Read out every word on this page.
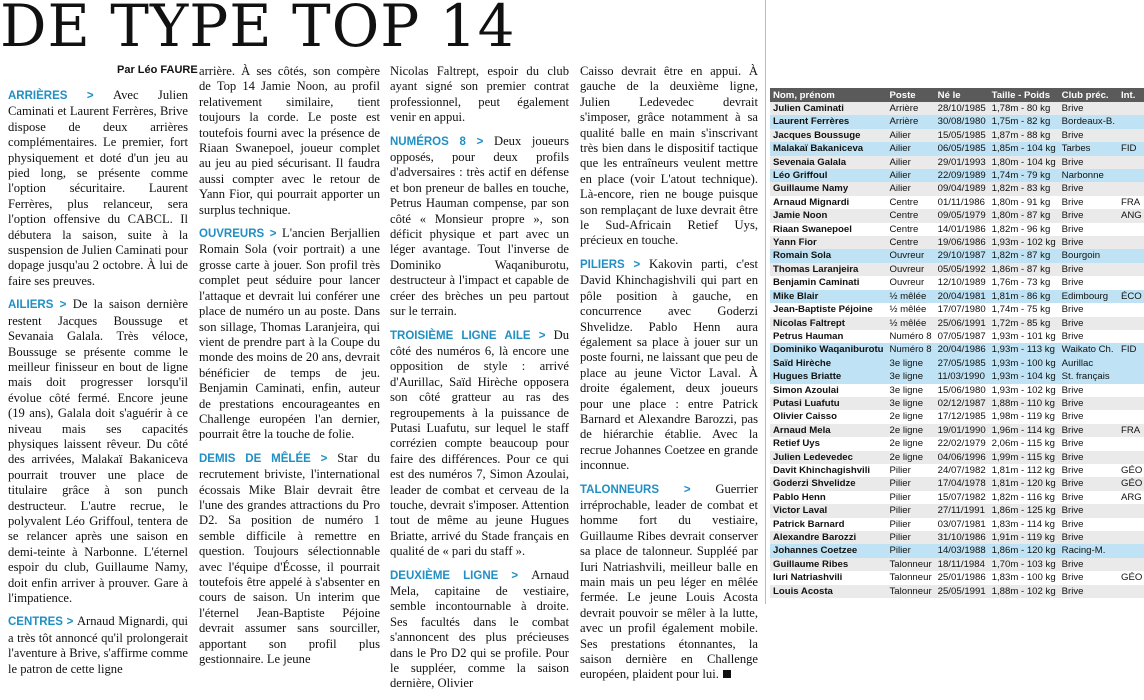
DE TYPE TOP 14
Par Léo FAURE

ARRIÈRES >	Avec Julien Caminati et Laurent Ferrères, Brive dispose de deux arrières complémentaires. Le premier, fort physiquement et doté d'un jeu au pied long, se présente comme l'option sécuritaire. Laurent Ferrères, plus relanceur, sera l'option offensive du CABCL. Il débutera la saison, suite à la suspension de Julien Caminati pour dopage jusqu'au 2 octobre. À lui de faire ses preuves.

AILIERS > De la saison dernière restent Jacques Boussuge et Sevanaia Galala. Très véloce, Boussuge se présente comme le meilleur finisseur en bout de ligne mais doit progresser lorsqu'il évolue côté fermé. Encore jeune (19 ans), Galala doit s'aguérir à ce niveau mais ses capacités physiques laissent rêveur. Du côté des arrivées, Malakaï Bakaniceva pourrait trouver une place de titulaire grâce à son punch destructeur. L'autre recrue, le polyvalent Léo Griffoul, tentera de se relancer après une saison en demi-teinte à Narbonne. L'éternel espoir du club, Guillaume Namy, doit enfin arriver à prouver. Gare à l'impatience.

CENTRES > Arnaud Mignardi, qui a très tôt annoncé qu'il prolongerait l'aventure à Brive, s'affirme comme le patron de cette ligne

arrière. À ses côtés, son compère de Top 14 Jamie Noon, au profil relativement similaire, tient toujours la corde. Le poste est toutefois fourni avec la présence de Riaan Swanepoel, joueur complet au jeu au pied sécurisant. Il faudra aussi compter avec le retour de Yann Fior, qui pourrait apporter un surplus technique.

OUVREURS > L'ancien Berjallien Romain Sola (voir portrait) a une grosse carte à jouer. Son profil très complet peut séduire pour lancer l'attaque et devrait lui conférer une place de numéro un au poste. Dans son sillage, Thomas Laranjeira, qui vient de prendre part à la Coupe du monde des moins de 20 ans, devrait bénéficier de temps de jeu. Benjamin Caminati, enfin, auteur de prestations encourageantes en Challenge européen l'an dernier, pourrait être la touche de folie.

DEMIS DE MÊLÉE > Star du recrutement briviste, l'international écossais Mike Blair devrait être l'une des grandes attractions du Pro D2. Sa position de numéro 1 semble difficile à remettre en question. Toujours sélectionnable avec l'équipe d'Écosse, il pourrait toutefois être appelé à s'absenter en cours de saison. Un interim que l'éternel Jean-Baptiste Péjoine devrait assumer sans sourciller, apportant son profil plus gestionnaire. Le jeune

Nicolas Faltrept, espoir du club ayant signé son premier contrat professionnel, peut également venir en appui.

NUMÉROS 8 > Deux joueurs opposés, pour deux profils d'adversaires : très actif en défense et bon preneur de balles en touche, Petrus Hauman compense, par son côté « Monsieur propre », son déficit physique et part avec un léger avantage. Tout l'inverse de Dominiko Waqaniburotu, destructeur à l'impact et capable de créer des brèches un peu partout sur le terrain.

TROISIÈME LIGNE AILE > Du côté des numéros 6, là encore une opposition de style : arrivé d'Aurillac, Saïd Hirèche opposera son côté gratteur au ras des regroupements à la puissance de Putasi Luafutu, sur lequel le staff corrézien compte beaucoup pour faire des différences. Pour ce qui est des numéros 7, Simon Azoulai, leader de combat et cerveau de la touche, devrait s'imposer. Attention tout de même au jeune Hugues Briatte, arrivé du Stade français en qualité de « pari du staff ».

DEUXIÈME LIGNE >	Arnaud Mela, capitaine de vestiaire, semble incontournable à droite. Ses facultés dans le combat s'annoncent des plus précieuses dans le Pro D2 qui se profile. Pour le suppléer, comme la saison dernière, Olivier

Caisso devrait être en appui. À gauche de la deuxième ligne, Julien Ledevedec devrait s'imposer, grâce notamment à sa qualité balle en main s'inscrivant très bien dans le dispositif tactique que les entraîneurs veulent mettre en place (voir L'atout technique). Là-encore, rien ne bouge puisque son remplaçant de luxe devrait être le Sud-Africain Retief Uys, précieux en touche.

PILIERS > Kakovin parti, c'est David Khinchagishvili qui part en pôle position à gauche, en concurrence avec Goderzi Shvelidze. Pablo Henn aura également sa place à jouer sur un poste fourni, ne laissant que peu de place au jeune Victor Laval. À droite également, deux joueurs pour une place : entre Patrick Barnard et Alexandre Barozzi, pas de hiérarchie établie. Avec la recrue Johannes Coetzee en grande inconnue.

TALONNEURS >	Guerrier irréprochable, leader de combat et homme fort du vestiaire, Guillaume Ribes devrait conserver sa place de talonneur. Suppléé par Iuri Natriashvili, meilleur balle en main mais un peu léger en mêlée fermée. Le jeune Louis Acosta devrait pouvoir se mêler à la lutte, avec un profil également mobile. Ses prestations étonnantes, la saison dernière en Challenge européen, plaident pour lui.

Nom, prénom	Poste	Né le	Taille - Poids	Club préc.	Int.
Julien Caminati	Arrière	28/10/1985	1,78m - 80 kg	Brive	
Laurent Ferrères	Arrière	30/08/1980	1,75m - 82 kg	Bordeaux-B.	
Jacques Boussuge	Ailier	15/05/1985	1,87m - 88 kg	Brive	
Malakaï Bakaniceva	Ailier	06/05/1985	1,85m - 104 kg	Tarbes	FID
Sevenaia Galala	Ailier	29/01/1993	1,80m - 104 kg	Brive	
Léo Griffoul	Ailier	22/09/1989	1,74m - 79 kg	Narbonne	
Guillaume Namy	Ailier	09/04/1989	1,82m - 83 kg	Brive	
Arnaud Mignardi	Centre	01/11/1986	1,80m - 91 kg	Brive	FRA
Jamie Noon	Centre	09/05/1979	1,80m - 87 kg	Brive	ANG
Riaan Swanepoel	Centre	14/01/1986	1,82m - 96 kg	Brive	
Yann Fior	Centre	19/06/1986	1,93m - 102 kg	Brive	
Romain Sola	Ouvreur	29/10/1987	1,82m - 87 kg	Bourgoin	
Thomas Laranjeira	Ouvreur	05/05/1992	1,86m - 87 kg	Brive	
Benjamin Caminati	Ouvreur	12/10/1989	1,76m - 73 kg	Brive	
Mike Blair	½ mêlée	20/04/1981	1,81m - 86 kg	Edimbourg	ÉCO
Jean-Baptiste Péjoine	½ mêlée	17/07/1980	1,74m - 75 kg	Brive	
Nicolas Faltrept	½ mêlée	25/06/1991	1,72m - 85 kg	Brive	
Petrus Hauman	Numéro 8	07/05/1987	1,93m - 101 kg	Brive	
Dominiko Waqaniburotu	Numéro 8	20/04/1986	1,93m - 113 kg	Waikato Ch.	FID
Saïd Hirèche	3e ligne	27/05/1985	1,93m - 100 kg	Aurillac	
Hugues Briatte	3e ligne	11/03/1990	1,93m - 104 kg	St. français	
Simon Azoulai	3e ligne	15/06/1980	1,93m - 102 kg	Brive	
Putasi Luafutu	3e ligne	02/12/1987	1,88m - 110 kg	Brive	
Olivier Caisso	2e ligne	17/12/1985	1,98m - 119 kg	Brive	
Arnaud Mela	2e ligne	19/01/1990	1,96m - 114 kg	Brive	FRA
Retief Uys	2e ligne	22/02/1979	2,06m - 115 kg	Brive	
Julien Ledevedec	2e ligne	04/06/1996	1,99m - 115 kg	Brive	
Davit Khinchagishvili	Pilier	24/07/1982	1,81m - 112 kg	Brive	GÉO
Goderzi Shvelidze	Pilier	17/04/1978	1,81m - 120 kg	Brive	GÉO
Pablo Henn	Pilier	15/07/1982	1,82m - 116 kg	Brive	ARG
Victor Laval	Pilier	27/11/1991	1,86m - 125 kg	Brive	
Patrick Barnard	Pilier	03/07/1981	1,83m - 114 kg	Brive	
Alexandre Barozzi	Pilier	31/10/1986	1,91m - 119 kg	Brive	
Johannes Coetzee	Pilier	14/03/1988	1,86m - 120 kg	Racing-M.	
Guillaume Ribes	Talonneur	18/11/1984	1,70m - 103 kg	Brive	
Iuri Natriashvili	Talonneur	25/01/1986	1,83m - 100 kg	Brive	GÉO
Louis Acosta	Talonneur	25/05/1991	1,88m - 102 kg	Brive	
